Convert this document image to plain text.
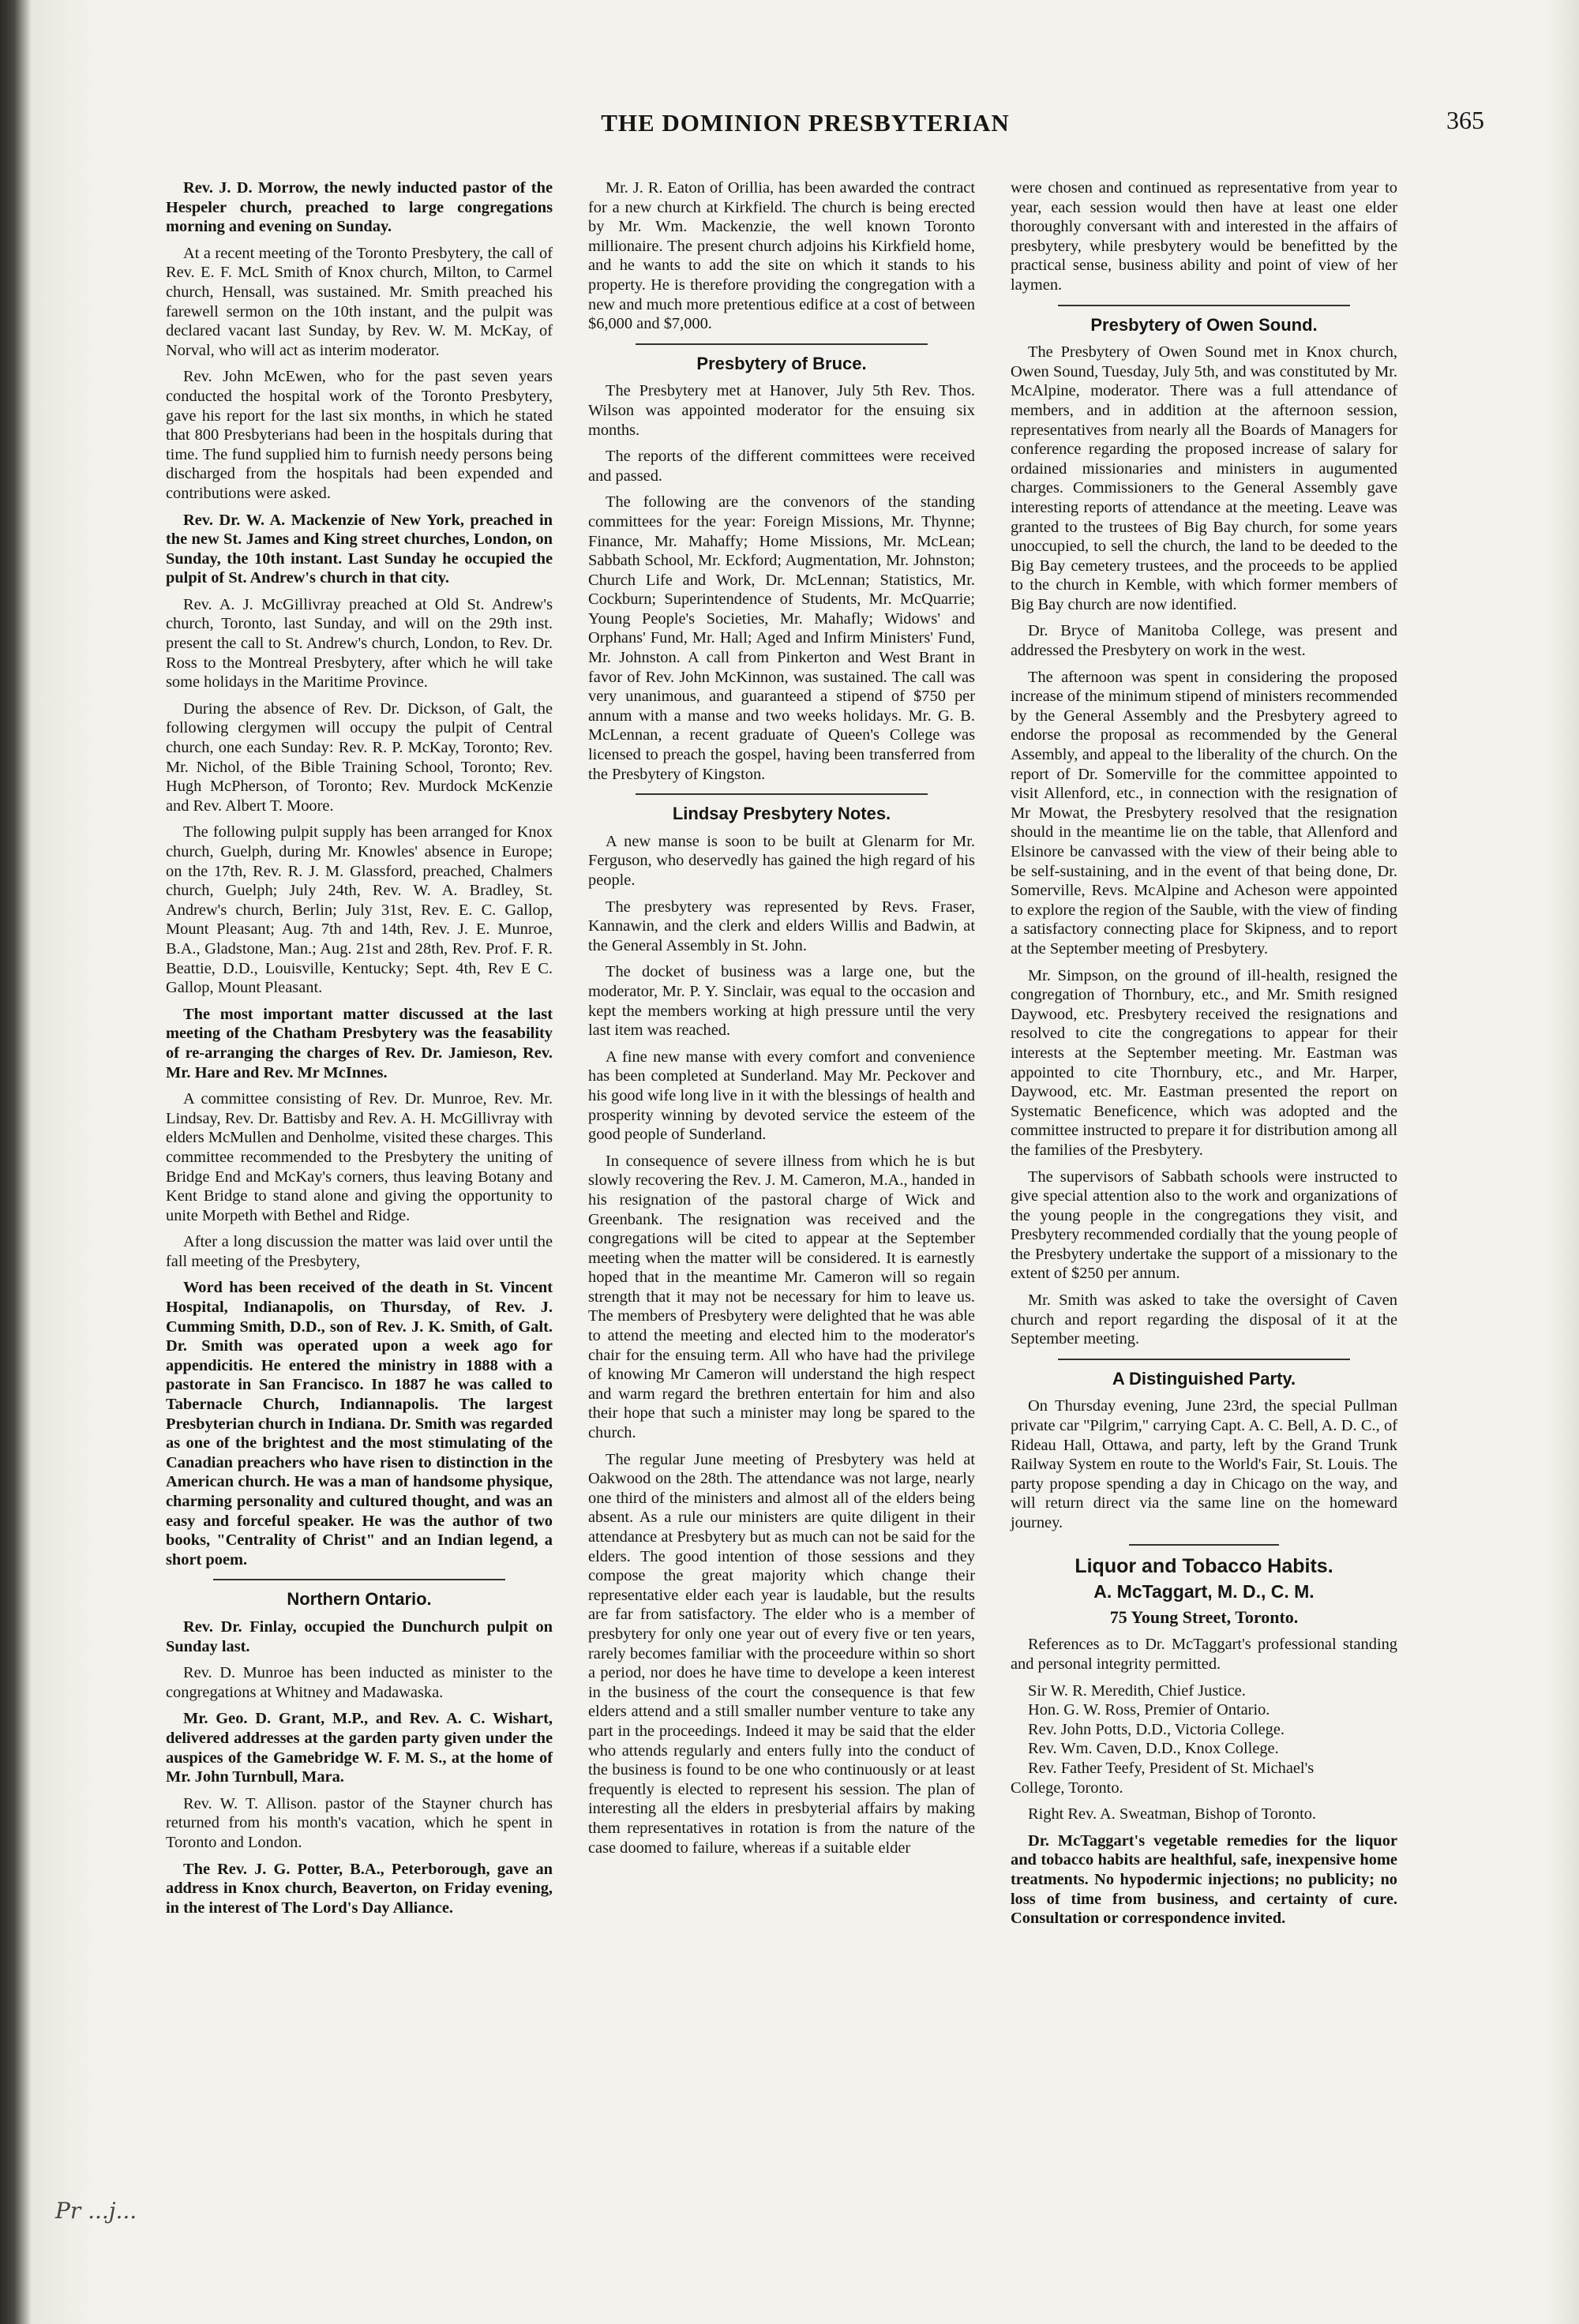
THE DOMINION PRESBYTERIAN	365

Rev. J. D. Morrow, the newly inducted pastor of the Hespeler church, preached to large congregations morning and evening on Sunday.

At a recent meeting of the Toronto Presbytery, the call of Rev. E. F. McL Smith of Knox church, Milton, to Carmel church, Hensall, was sustained. Mr. Smith preached his farewell sermon on the 10th instant, and the pulpit was declared vacant last Sunday, by Rev. W. M. McKay, of Norval, who will act as interim moderator.

Rev. John McEwen, who for the past seven years conducted the hospital work of the Toronto Presbytery, gave his report for the last six months, in which he stated that 800 Presbyterians had been in the hospitals during that time. The fund supplied him to furnish needy persons being discharged from the hospitals had been expended and contributions were asked.

Rev. Dr. W. A. Mackenzie of New York, preached in the new St. James and King street churches, London, on Sunday, the 10th instant. Last Sunday he occupied the pulpit of St. Andrew's church in that city.

Rev. A. J. McGillivray preached at Old St. Andrew's church, Toronto, last Sunday, and will on the 29th inst. present the call to St. Andrew's church, London, to Rev. Dr. Ross to the Montreal Presbytery, after which he will take some holidays in the Maritime Province.

During the absence of Rev. Dr. Dickson, of Galt, the following clergymen will occupy the pulpit of Central church, one each Sunday: Rev. R. P. McKay, Toronto; Rev. Mr. Nichol, of the Bible Training School, Toronto; Rev. Hugh McPherson, of Toronto; Rev. Murdock McKenzie and Rev. Albert T. Moore.

The following pulpit supply has been arranged for Knox church, Guelph, during Mr. Knowles' absence in Europe; on the 17th, Rev. R. J. M. Glassford, preached, Chalmers church, Guelph; July 24th, Rev. W. A. Bradley, St. Andrew's church, Berlin; July 31st, Rev. E. C. Gallop, Mount Pleasant; Aug. 7th and 14th, Rev. J. E. Munroe, B.A., Gladstone, Man.; Aug. 21st and 28th, Rev. Prof. F. R. Beattie, D.D., Louisville, Kentucky; Sept. 4th, Rev E C. Gallop, Mount Pleasant.

The most important matter discussed at the last meeting of the Chatham Presbytery was the feasability of re-arranging the charges of Rev. Dr. Jamieson, Rev. Mr. Hare and Rev. Mr McInnes.

A committee consisting of Rev. Dr. Munroe, Rev. Mr. Lindsay, Rev. Dr. Battisby and Rev. A. H. McGillivray with elders McMullen and Denholme, visited these charges. This committee recommended to the Presbytery the uniting of Bridge End and McKay's corners, thus leaving Botany and Kent Bridge to stand alone and giving the opportunity to unite Morpeth with Bethel and Ridge.

After a long discussion the matter was laid over until the fall meeting of the Presbytery,

Word has been received of the death in St. Vincent Hospital, Indianapolis, on Thursday, of Rev. J. Cumming Smith, D.D., son of Rev. J. K. Smith, of Galt. Dr. Smith was operated upon a week ago for appendicitis. He entered the ministry in 1888 with a pastorate in San Francisco. In 1887 he was called to Tabernacle Church, Indiannapolis. The largest Presbyterian church in Indiana. Dr. Smith was regarded as one of the brightest and the most stimulating of the Canadian preachers who have risen to distinction in the American church. He was a man of handsome physique, charming personality and cultured thought, and was an easy and forceful speaker. He was the author of two books, "Centrality of Christ" and an Indian legend, a short poem.

Northern Ontario.

Rev. Dr. Finlay, occupied the Dunchurch pulpit on Sunday last.

Rev. D. Munroe has been inducted as minister to the congregations at Whitney and Madawaska.

Mr. Geo. D. Grant, M.P., and Rev. A. C. Wishart, delivered addresses at the garden party given under the auspices of the Gamebridge W. F. M. S., at the home of Mr. John Turnbull, Mara.

Rev. W. T. Allison. pastor of the Stayner church has returned from his month's vacation, which he spent in Toronto and London.

The Rev. J. G. Potter, B.A., Peterborough, gave an address in Knox church, Beaverton, on Friday evening, in the interest of The Lord's Day Alliance.

Mr. J. R. Eaton of Orillia, has been awarded the contract for a new church at Kirkfield. The church is being erected by Mr. Wm. Mackenzie, the well known Toronto millionaire. The present church adjoins his Kirkfield home, and he wants to add the site on which it stands to his property. He is therefore providing the congregation with a new and much more pretentious edifice at a cost of between $6,000 and $7,000.

Presbytery of Bruce.

The Presbytery met at Hanover, July 5th Rev. Thos. Wilson was appointed moderator for the ensuing six months.

The reports of the different committees were received and passed.

The following are the convenors of the standing committees for the year: Foreign Missions, Mr. Thynne; Finance, Mr. Mahaffy; Home Missions, Mr. McLean; Sabbath School, Mr. Eckford; Augmentation, Mr. Johnston; Church Life and Work, Dr. McLennan; Statistics, Mr. Cockburn; Superintendence of Students, Mr. McQuarrie; Young People's Societies, Mr. Mahafly; Widows' and Orphans' Fund, Mr. Hall; Aged and Infirm Ministers' Fund, Mr. Johnston. A call from Pinkerton and West Brant in favor of Rev. John McKinnon, was sustained. The call was very unanimous, and guaranteed a stipend of $750 per annum with a manse and two weeks holidays. Mr. G. B. McLennan, a recent graduate of Queen's College was licensed to preach the gospel, having been transferred from the Presbytery of Kingston.

Lindsay Presbytery Notes.

A new manse is soon to be built at Glenarm for Mr. Ferguson, who deservedly has gained the high regard of his people.

The presbytery was represented by Revs. Fraser, Kannawin, and the clerk and elders Willis and Badwin, at the General Assembly in St. John.

The docket of business was a large one, but the moderator, Mr. P. Y. Sinclair, was equal to the occasion and kept the members working at high pressure until the very last item was reached.

A fine new manse with every comfort and convenience has been completed at Sunderland. May Mr. Peckover and his good wife long live in it with the blessings of health and prosperity winning by devoted service the esteem of the good people of Sunderland.

In consequence of severe illness from which he is but slowly recovering the Rev. J. M. Cameron, M.A., handed in his resignation of the pastoral charge of Wick and Greenbank. The resignation was received and the congregations will be cited to appear at the September meeting when the matter will be considered. It is earnestly hoped that in the meantime Mr. Cameron will so regain strength that it may not be necessary for him to leave us. The members of Presbytery were delighted that he was able to attend the meeting and elected him to the moderator's chair for the ensuing term. All who have had the privilege of knowing Mr Cameron will understand the high respect and warm regard the brethren entertain for him and also their hope that such a minister may long be spared to the church.

The regular June meeting of Presbytery was held at Oakwood on the 28th. The attendance was not large, nearly one third of the ministers and almost all of the elders being absent. As a rule our ministers are quite diligent in their attendance at Presbytery but as much can not be said for the elders. The good intention of those sessions and they compose the great majority which change their representative elder each year is laudable, but the results are far from satisfactory. The elder who is a member of presbytery for only one year out of every five or ten years, rarely becomes familiar with the proceedure within so short a period, nor does he have time to develope a keen interest in the business of the court the consequence is that few elders attend and a still smaller number venture to take any part in the proceedings. Indeed it may be said that the elder who attends regularly and enters fully into the conduct of the business is found to be one who continuously or at least frequently is elected to represent his session. The plan of interesting all the elders in presbyterial affairs by making them representatives in rotation is from the nature of the case doomed to failure, whereas if a suitable elder

were chosen and continued as representative from year to year, each session would then have at least one elder thoroughly conversant with and interested in the affairs of presbytery, while presbytery would be benefitted by the practical sense, business ability and point of view of her laymen.

Presbytery of Owen Sound.

The Presbytery of Owen Sound met in Knox church, Owen Sound, Tuesday, July 5th, and was constituted by Mr. McAlpine, moderator. There was a full attendance of members, and in addition at the afternoon session, representatives from nearly all the Boards of Managers for conference regarding the proposed increase of salary for ordained missionaries and ministers in augumented charges. Commissioners to the General Assembly gave interesting reports of attendance at the meeting. Leave was granted to the trustees of Big Bay church, for some years unoccupied, to sell the church, the land to be deeded to the Big Bay cemetery trustees, and the proceeds to be applied to the church in Kemble, with which former members of Big Bay church are now identified.

Dr. Bryce of Manitoba College, was present and addressed the Presbytery on work in the west.

The afternoon was spent in considering the proposed increase of the minimum stipend of ministers recommended by the General Assembly and the Presbytery agreed to endorse the proposal as recommended by the General Assembly, and appeal to the liberality of the church. On the report of Dr. Somerville for the committee appointed to visit Allenford, etc., in connection with the resignation of Mr Mowat, the Presbytery resolved that the resignation should in the meantime lie on the table, that Allenford and Elsinore be canvassed with the view of their being able to be self-sustaining, and in the event of that being done, Dr. Somerville, Revs. McAlpine and Acheson were appointed to explore the region of the Sauble, with the view of finding a satisfactory connecting place for Skipness, and to report at the September meeting of Presbytery.

Mr. Simpson, on the ground of ill-health, resigned the congregation of Thornbury, etc., and Mr. Smith resigned Daywood, etc. Presbytery received the resignations and resolved to cite the congregations to appear for their interests at the September meeting. Mr. Eastman was appointed to cite Thornbury, etc., and Mr. Harper, Daywood, etc. Mr. Eastman presented the report on Systematic Beneficence, which was adopted and the committee instructed to prepare it for distribution among all the families of the Presbytery.

The supervisors of Sabbath schools were instructed to give special attention also to the work and organizations of the young people in the congregations they visit, and Presbytery recommended cordially that the young people of the Presbytery undertake the support of a missionary to the extent of $250 per annum.

Mr. Smith was asked to take the oversight of Caven church and report regarding the disposal of it at the September meeting.

A Distinguished Party.

On Thursday evening, June 23rd, the special Pullman private car "Pilgrim," carrying Capt. A. C. Bell, A. D. C., of Rideau Hall, Ottawa, and party, left by the Grand Trunk Railway System en route to the World's Fair, St. Louis. The party propose spending a day in Chicago on the way, and will return direct via the same line on the homeward journey.

Liquor and Tobacco Habits.
A. McTaggart, M. D., C. M.
75 Young Street, Toronto.

References as to Dr. McTaggart's professional standing and personal integrity permitted.

Sir W. R. Meredith, Chief Justice.

Hon. G. W. Ross, Premier of Ontario.

Rev. John Potts, D.D., Victoria College.

Rev. Wm. Caven, D.D., Knox College.

Rev. Father Teefy, President of St. Michael's

College, Toronto.

Right Rev. A. Sweatman, Bishop of Toronto.

Dr. McTaggart's vegetable remedies for the liquor and tobacco habits are healthful, safe, inexpensive home treatments. No hypodermic injections; no publicity; no loss of time from business, and certainty of cure. Consultation or correspondence invited.

Pr ...j...
